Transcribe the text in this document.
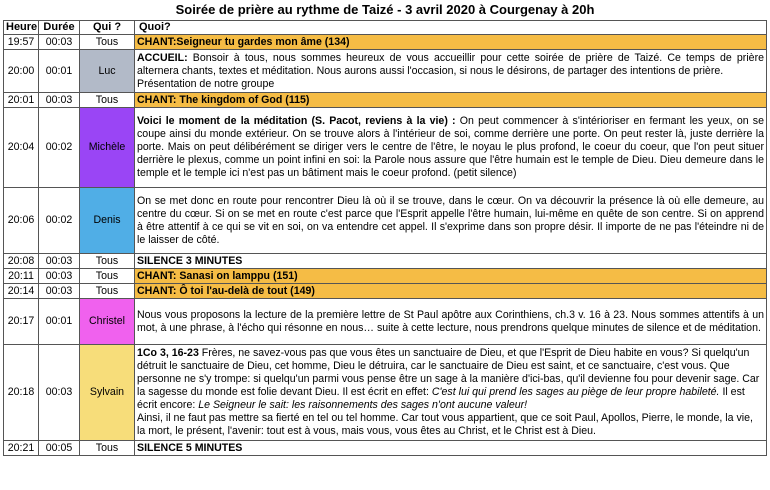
Soirée de prière au rythme de Taizé - 3 avril 2020 à Courgenay à 20h
Heure	Durée	Qui ?	Quoi?
19:57	00:03	Tous	CHANT:Seigneur tu gardes mon âme (134)
20:00	00:01	Luc	ACCUEIL: Bonsoir à tous, nous sommes heureux de vous accueillir pour cette soirée de prière de Taizé. Ce temps de prière alternera chants, textes et méditation. Nous aurons aussi l'occasion, si nous le désirons, de partager des intentions de prière.
Présentation de notre groupe

20:01	00:03	Tous	CHANT: The kingdom of God (115)
20:04	00:02	Michèle	Voici le moment de la méditation (S. Pacot, reviens à la vie) : On peut commencer à s'intérioriser en fermant les yeux, on se coupe ainsi du monde extérieur. On se trouve alors à l'intérieur de soi, comme derrière une porte. On peut rester là, juste derrière la porte. Mais on peut délibérément se diriger vers le centre de l'être, le noyau le plus profond, le coeur du coeur, que l'on peut situer derrière le plexus, comme un point infini en soi: la Parole nous assure que l'être humain est le temple de Dieu. Dieu demeure dans le temple et le temple ici n'est pas un bâtiment mais le coeur profond. (petit silence)
20:06	00:02	Denis	On se met donc en route pour rencontrer Dieu là où il se trouve, dans le cœur. On va découvrir la présence là où elle demeure, au centre du cœur. Si on se met en route c'est parce que l'Esprit appelle l'être humain, lui-même en quête de son centre. Si on apprend à être attentif à ce qui se vit en soi, on va entendre cet appel. Il s'exprime dans son propre désir. Il importe de ne pas l'éteindre ni de le laisser de côté.
20:08	00:03	Tous	SILENCE 3 MINUTES
20:11	00:03	Tous	CHANT: Sanasi on lamppu (151)
20:14	00:03	Tous	CHANT: Ô toi l'au-delà de tout (149)
20:17	00:01	Christel	Nous vous proposons la lecture de la première lettre de St Paul apôtre aux Corinthiens, ch.3 v. 16 à 23. Nous sommes attentifs à un mot, à une phrase, à l'écho qui résonne en nous… suite à cette lecture, nous prendrons quelque minutes de silence et de méditation.
20:18	00:03	Sylvain	1Co 3, 16-23 Frères, ne savez-vous pas que vous êtes un sanctuaire de Dieu, et que l'Esprit de Dieu habite en vous? Si quelqu'un détruit le sanctuaire de Dieu, cet homme, Dieu le détruira, car le sanctuaire de Dieu est saint, et ce sanctuaire, c'est vous. Que personne ne s'y trompe: si quelqu'un parmi vous pense être un sage à la manière d'ici-bas, qu'il devienne fou pour devenir sage. Car la sagesse du monde est folie devant Dieu. Il est écrit en effet: C'est lui qui prend les sages au piège de leur propre habileté. Il est écrit encore: Le Seigneur le sait: les raisonnements des sages n'ont aucune valeur!
Ainsi, il ne faut pas mettre sa fierté en tel ou tel homme. Car tout vous appartient, que ce soit Paul, Apollos, Pierre, le monde, la vie, la mort, le présent, l'avenir: tout est à vous, mais vous, vous êtes au Christ, et le Christ est à Dieu.

20:21	00:05	Tous	SILENCE 5 MINUTES
